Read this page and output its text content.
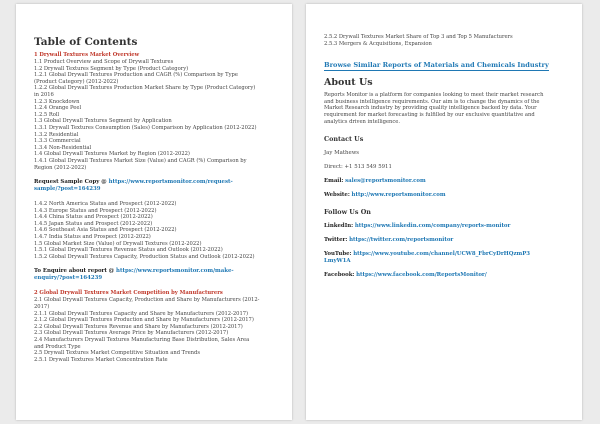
Table of Contents
1 Drywall Textures Market Overview
1.1 Product Overview and Scope of Drywall Textures
1.2 Drywall Textures Segment by Type (Product Category)
1.2.1 Global Drywall Textures Production and CAGR (%) Comparison by Type
(Product Category) (2012-2022)
1.2.2 Global Drywall Textures Production Market Share by Type (Product Category)
in 2016
1.2.3 Knockdown
1.2.4 Orange Peel
1.2.5 Roll
1.3 Global Drywall Textures Segment by Application
1.3.1 Drywall Textures Consumption (Sales) Comparison by Application (2012-2022)
1.3.2 Residential
1.3.3 Commercial
1.3.4 Non-Residential
1.4 Global Drywall Textures Market by Region (2012-2022)
1.4.1 Global Drywall Textures Market Size (Value) and CAGR (%) Comparison by
Region (2012-2022)
Request Sample Copy @ https://www.reportsmonitor.com/request-
sample/?post=164239
1.4.2 North America Status and Prospect (2012-2022)
1.4.3 Europe Status and Prospect (2012-2022)
1.4.4 China Status and Prospect (2012-2022)
1.4.5 Japan Status and Prospect (2012-2022)
1.4.6 Southeast Asia Status and Prospect (2012-2022)
1.4.7 India Status and Prospect (2012-2022)
1.5 Global Market Size (Value) of Drywall Textures (2012-2022)
1.5.1 Global Drywall Textures Revenue Status and Outlook (2012-2022)
1.5.2 Global Drywall Textures Capacity, Production Status and Outlook (2012-2022)
To Enquire about report @ https://www.reportsmonitor.com/make-
enquiry/?post=164239
2 Global Drywall Textures Market Competition by Manufacturers
2.1 Global Drywall Textures Capacity, Production and Share by Manufacturers (2012-
2017)
2.1.1 Global Drywall Textures Capacity and Share by Manufacturers (2012-2017)
2.1.2 Global Drywall Textures Production and Share by Manufacturers (2012-2017)
2.2 Global Drywall Textures Revenue and Share by Manufacturers (2012-2017)
2.3 Global Drywall Textures Average Price by Manufacturers (2012-2017)
2.4 Manufacturers Drywall Textures Manufacturing Base Distribution, Sales Area
and Product Type
2.5 Drywall Textures Market Competitive Situation and Trends
2.5.1 Drywall Textures Market Concentration Rate
2.5.2 Drywall Textures Market Share of Top 3 and Top 5 Manufacturers
2.5.3 Mergers & Acquisitions, Expansion
Browse Similar Reports of Materials and Chemicals Industry
About Us
Reports Monitor is a platform for companies looking to meet their market research
and business intelligence requirements. Our aim is to change the dynamics of the
Market Research industry by providing quality intelligence backed by data. Your
requirement for market forecasting is fulfilled by our exclusive quantitative and
analytics driven intelligence.
Contact Us
Jay Mathews
Direct: +1 513 549 5911
Email: sales@reportsmonitor.com
Website: http://www.reportsmonitor.com
Follow Us On
LinkedIn: https://www.linkedin.com/company/reports-monitor
Twitter: https://twitter.com/reportsmonitor
YouTube: https://www.youtube.com/channel/UCW8_FbrCyDrHQzmP3
LmyW1A
Facebook: https://www.facebook.com/ReportsMonitor/
